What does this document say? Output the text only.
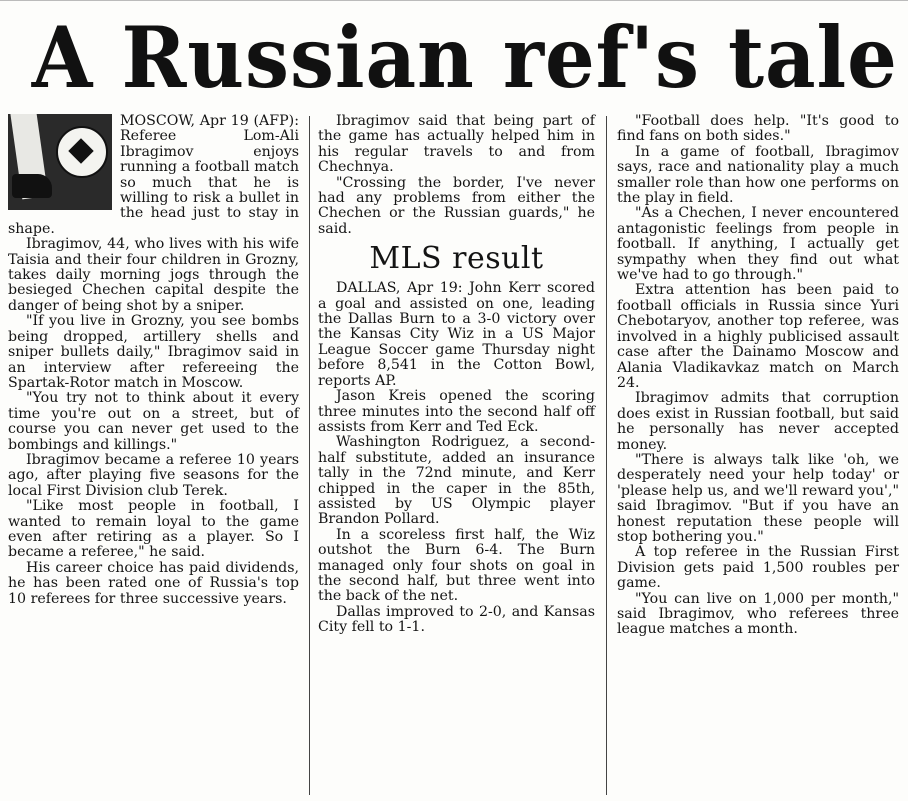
A Russian ref's tale

MOSCOW, Apr 19 (AFP): Referee Lom-Ali Ibragimov enjoys running a football match so much that he is willing to risk a bullet in the head just to stay in shape.

Ibragimov, 44, who lives with his wife Taisia and their four children in Grozny, takes daily morning jogs through the besieged Chechen capital despite the danger of being shot by a sniper.

"If you live in Grozny, you see bombs being dropped, artillery shells and sniper bullets daily," Ibragimov said in an interview after refereeing the Spartak-Rotor match in Moscow.

"You try not to think about it every time you're out on a street, but of course you can never get used to the bombings and killings."

Ibragimov became a referee 10 years ago, after playing five seasons for the local First Division club Terek.

"Like most people in football, I wanted to remain loyal to the game even after retiring as a player. So I became a referee," he said.

His career choice has paid dividends, he has been rated one of Russia's top 10 referees for three successive years.

Ibragimov said that being part of the game has actually helped him in his regular travels to and from Chechnya.

"Crossing the border, I've never had any problems from either the Chechen or the Russian guards," he said.

MLS result

DALLAS, Apr 19: John Kerr scored a goal and assisted on one, leading the Dallas Burn to a 3-0 victory over the Kansas City Wiz in a US Major League Soccer game Thursday night before 8,541 in the Cotton Bowl, reports AP.

Jason Kreis opened the scoring three minutes into the second half off assists from Kerr and Ted Eck.

Washington Rodriguez, a second-half substitute, added an insurance tally in the 72nd minute, and Kerr chipped in the caper in the 85th, assisted by US Olympic player Brandon Pollard.

In a scoreless first half, the Wiz outshot the Burn 6-4. The Burn managed only four shots on goal in the second half, but three went into the back of the net.

Dallas improved to 2-0, and Kansas City fell to 1-1.

"Football does help. "It's good to find fans on both sides."

In a game of football, Ibragimov says, race and nationality play a much smaller role than how one performs on the play in field.

"As a Chechen, I never encountered antagonistic feelings from people in football. If anything, I actually get sympathy when they find out what we've had to go through."

Extra attention has been paid to football officials in Russia since Yuri Chebotaryov, another top referee, was involved in a highly publicised assault case after the Dainamo Moscow and Alania Vladikavkaz match on March 24.

Ibragimov admits that corruption does exist in Russian football, but said he personally has never accepted money.

"There is always talk like 'oh, we desperately need your help today' or 'please help us, and we'll reward you'," said Ibragimov. "But if you have an honest reputation these people will stop bothering you."

A top referee in the Russian First Division gets paid 1,500 roubles per game.

"You can live on 1,000 per month," said Ibragimov, who referees three league matches a month.
